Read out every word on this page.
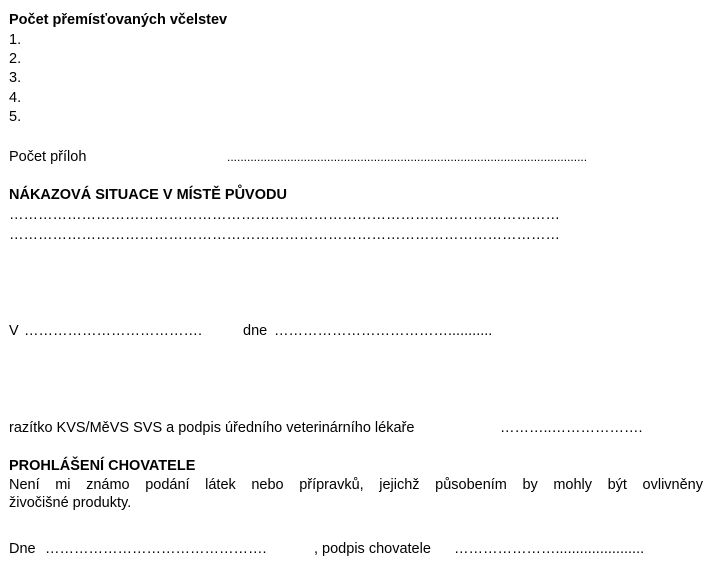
Počet přemísťovaných včelstev
1.
2.
3.
4.
5.
Počet příloh	............................................................................................................
NÁKAZOVÁ SITUACE V MÍSTĚ PŮVODU
……………………………………………………………………………………………………
……………………………………………………………………………………………………
V ……………………………….	dne ………………………………...........
razítko KVS/MěVS SVS a podpis úředního veterinárního lékaře	………..……………….
PROHLÁŠENÍ CHOVATELE
Není mi známo podání látek nebo přípravků, jejichž působením by mohly být ovlivněny
živočišné produkty.
Dne ……………………………………….	, podpis chovatele	…………………......................
